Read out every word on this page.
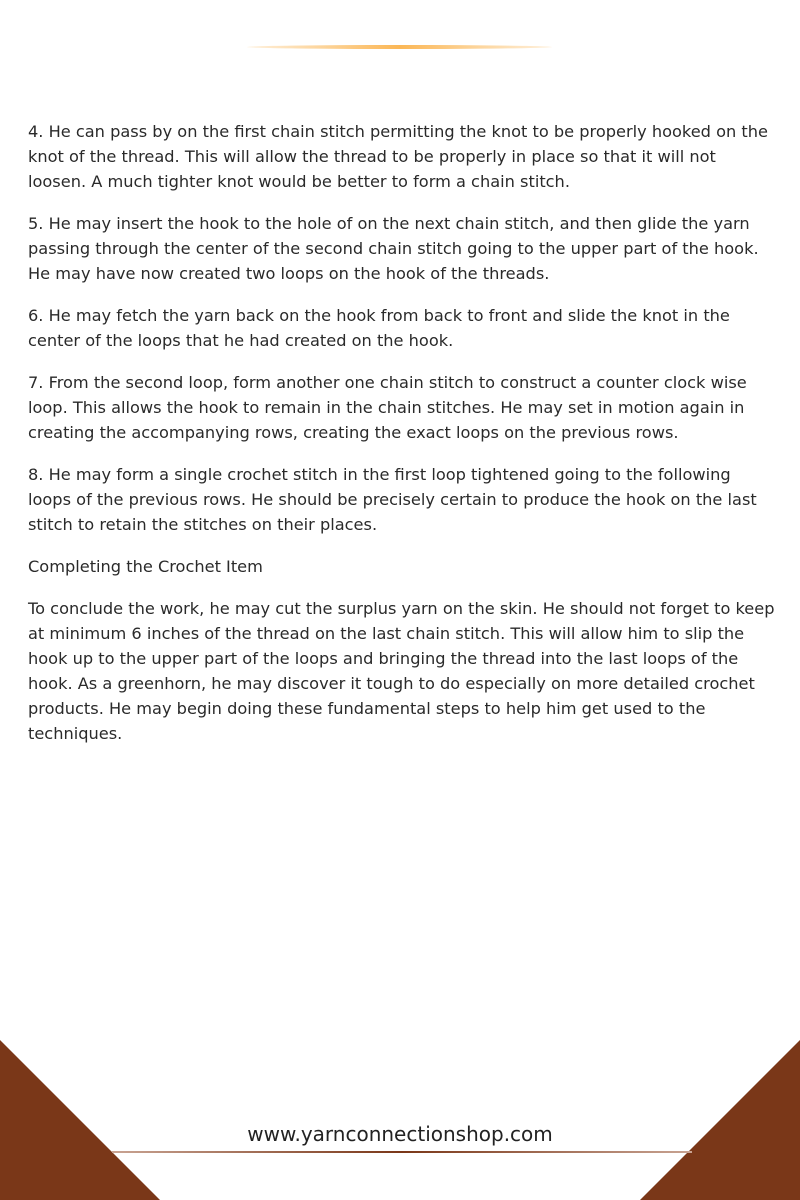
4. He can pass by on the first chain stitch permitting the knot to be properly hooked on the
knot of the thread. This will allow the thread to be properly in place so that it will not
loosen. A much tighter knot would be better to form a chain stitch.

5. He may insert the hook to the hole of on the next chain stitch, and then glide the yarn
passing through the center of the second chain stitch going to the upper part of the hook.
He may have now created two loops on the hook of the threads.

6. He may fetch the yarn back on the hook from back to front and slide the knot in the
center of the loops that he had created on the hook.

7. From the second loop, form another one chain stitch to construct a counter clock wise
loop. This allows the hook to remain in the chain stitches. He may set in motion again in
creating the accompanying rows, creating the exact loops on the previous rows.

8. He may form a single crochet stitch in the first loop tightened going to the following
loops of the previous rows. He should be precisely certain to produce the hook on the last
stitch to retain the stitches on their places.

Completing the Crochet Item

To conclude the work, he may cut the surplus yarn on the skin. He should not forget to keep
at minimum 6 inches of the thread on the last chain stitch. This will allow him to slip the
hook up to the upper part of the loops and bringing the thread into the last loops of the
hook. As a greenhorn, he may discover it tough to do especially on more detailed crochet
products. He may begin doing these fundamental steps to help him get used to the
techniques.

www.yarnconnectionshop.com
